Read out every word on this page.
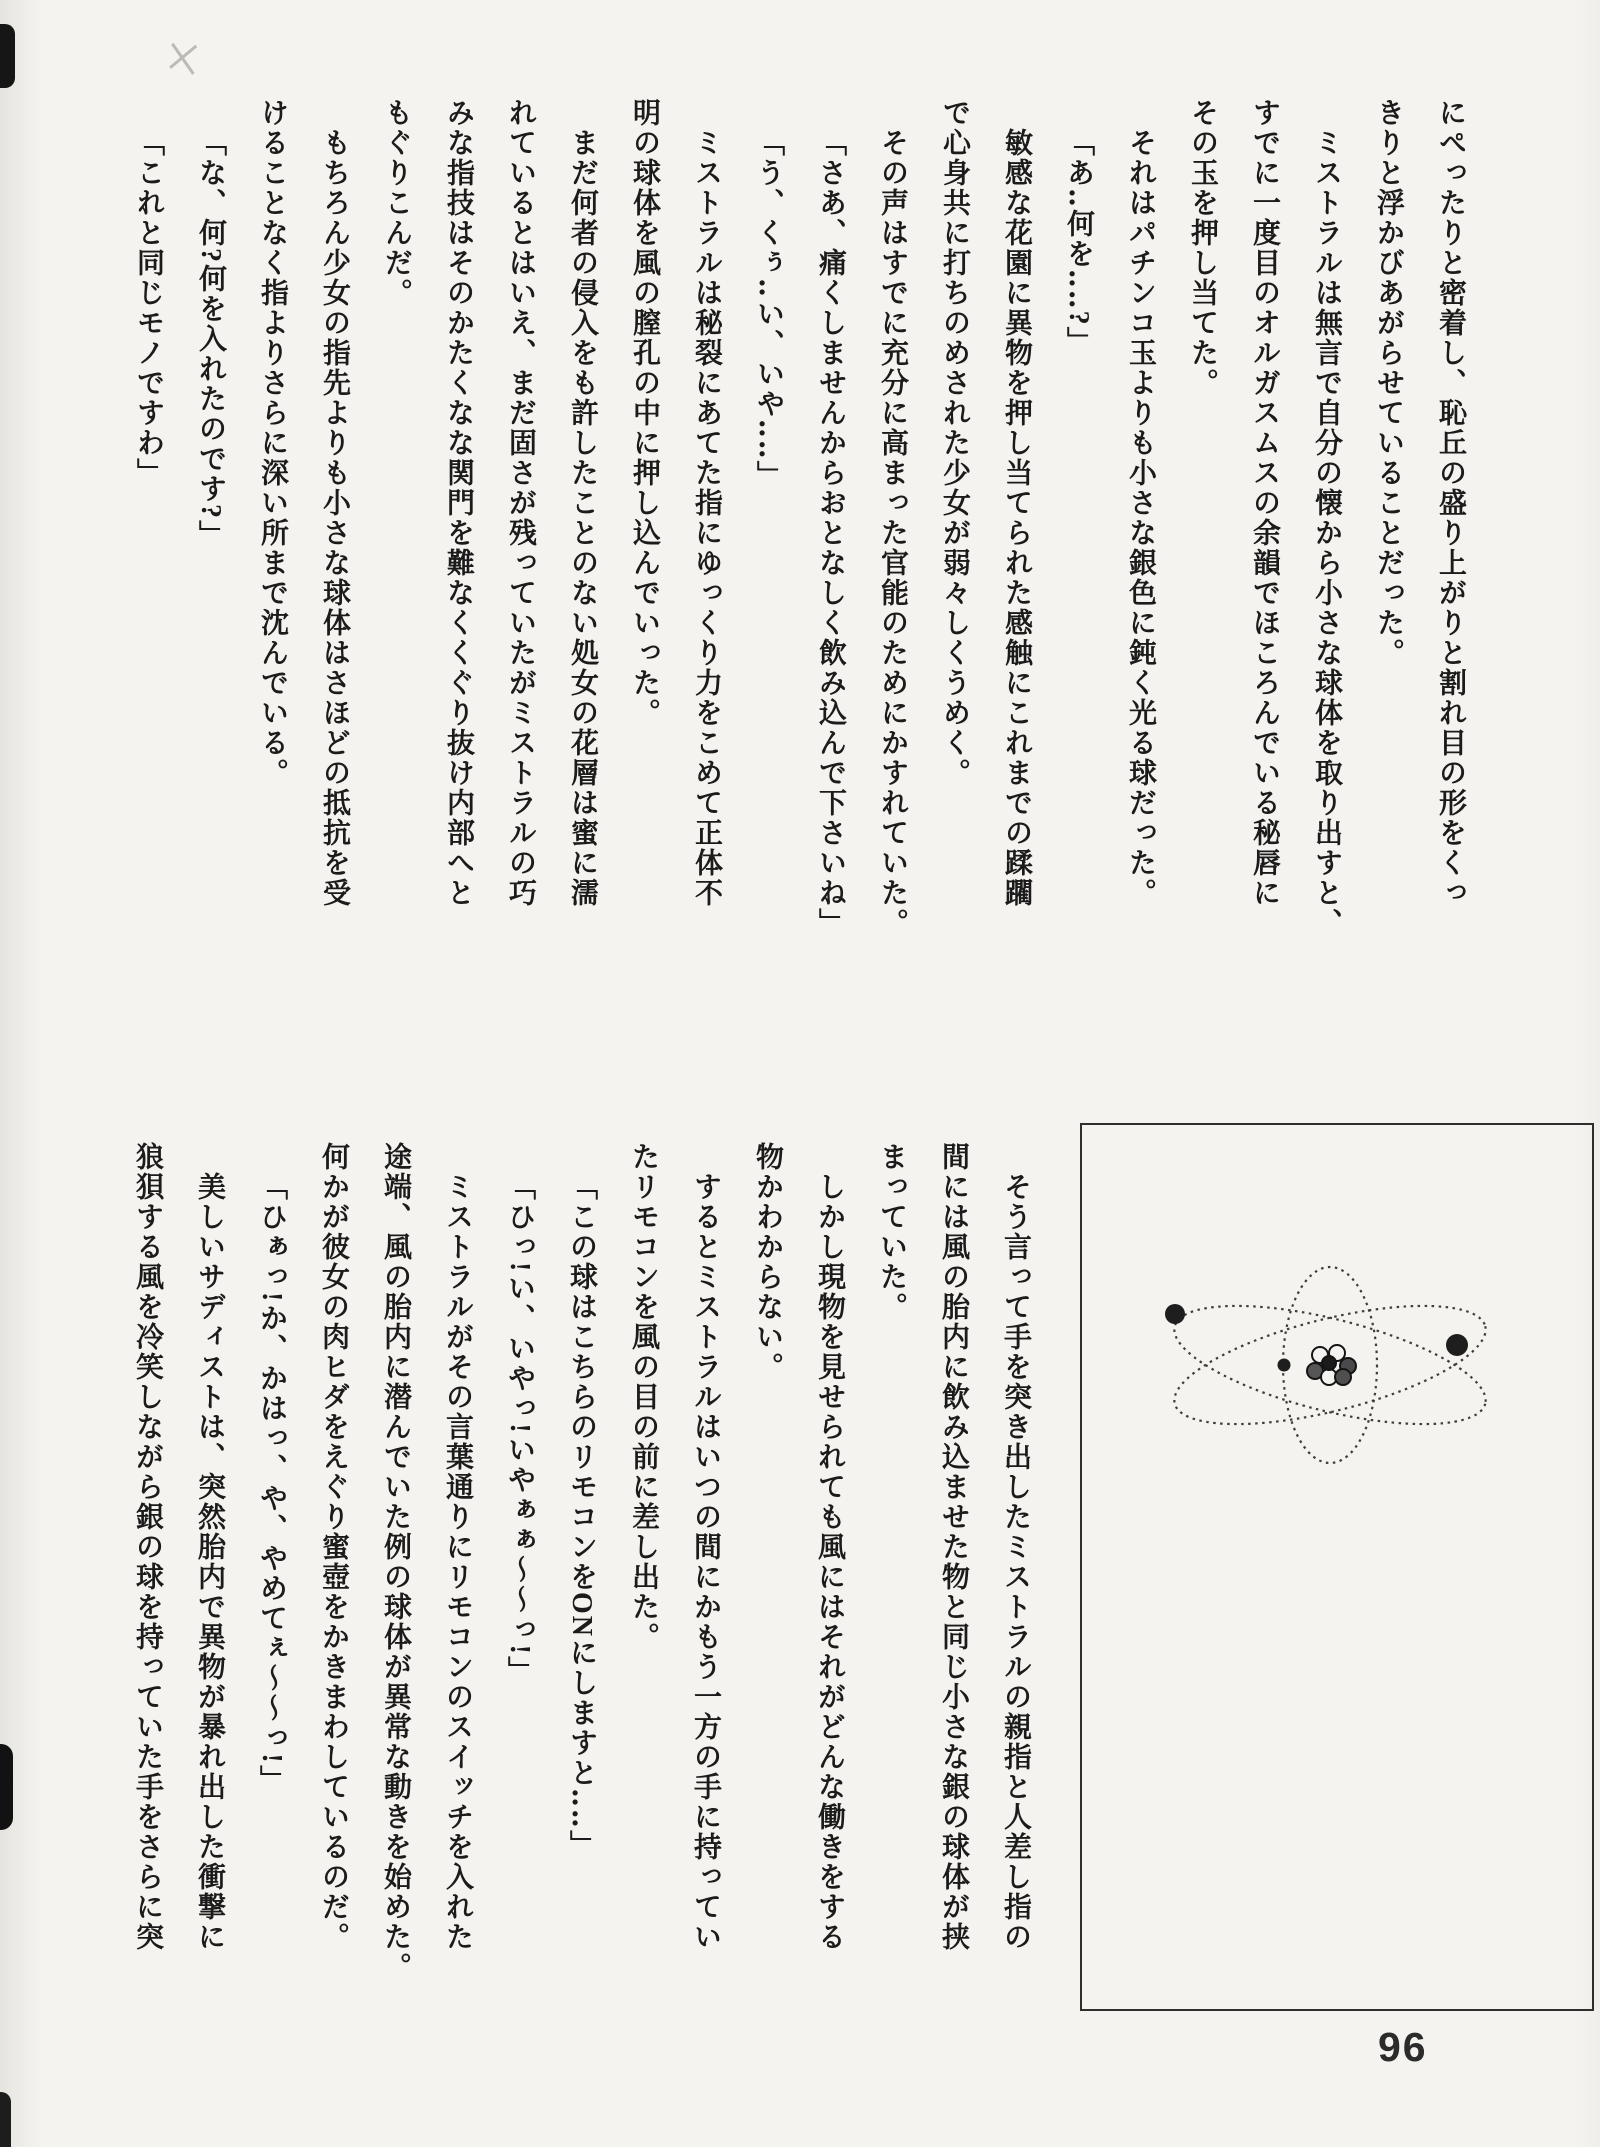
にぺったりと密着し、恥丘の盛り上がりと割れ目の形をくっ
きりと浮かびあがらせていることだった。
ミストラルは無言で自分の懐から小さな球体を取り出すと、
すでに一度目のオルガスムスの余韻でほころんでいる秘唇に
その玉を押し当てた。
それはパチンコ玉よりも小さな銀色に鈍く光る球だった。
「あ‥何を‥‥?」
敏感な花園に異物を押し当てられた感触にこれまでの蹂躙
で心身共に打ちのめされた少女が弱々しくうめく。
その声はすでに充分に高まった官能のためにかすれていた。
「さあ、痛くしませんからおとなしく飲み込んで下さいね」
「う、くぅ‥い、いや‥‥」
ミストラルは秘裂にあてた指にゆっくり力をこめて正体不
明の球体を風の膣孔の中に押し込んでいった。
まだ何者の侵入をも許したことのない処女の花層は蜜に濡
れているとはいえ、まだ固さが残っていたがミストラルの巧
みな指技はそのかたくなな関門を難なくくぐり抜け内部へと
もぐりこんだ。
もちろん少女の指先よりも小さな球体はさほどの抵抗を受
けることなく指よりさらに深い所まで沈んでいる。
「な、何?何を入れたのです?」
「これと同じモノですわ」
そう言って手を突き出したミストラルの親指と人差し指の
間には風の胎内に飲み込ませた物と同じ小さな銀の球体が挟
まっていた。
しかし現物を見せられても風にはそれがどんな働きをする
物かわからない。
するとミストラルはいつの間にかもう一方の手に持ってい
たリモコンを風の目の前に差し出た。
「この球はこちらのリモコンをONにしますと‥‥」
「ひっ!い、いやっ!いやぁぁ〜〜っ!」
ミストラルがその言葉通りにリモコンのスイッチを入れた
途端、風の胎内に潜んでいた例の球体が異常な動きを始めた。
何かが彼女の肉ヒダをえぐり蜜壺をかきまわしているのだ。
「ひぁっ!か、かはっ、や、やめてぇ〜〜っ!」
美しいサディストは、突然胎内で異物が暴れ出した衝撃に
狼狽する風を冷笑しながら銀の球を持っていた手をさらに突
96
